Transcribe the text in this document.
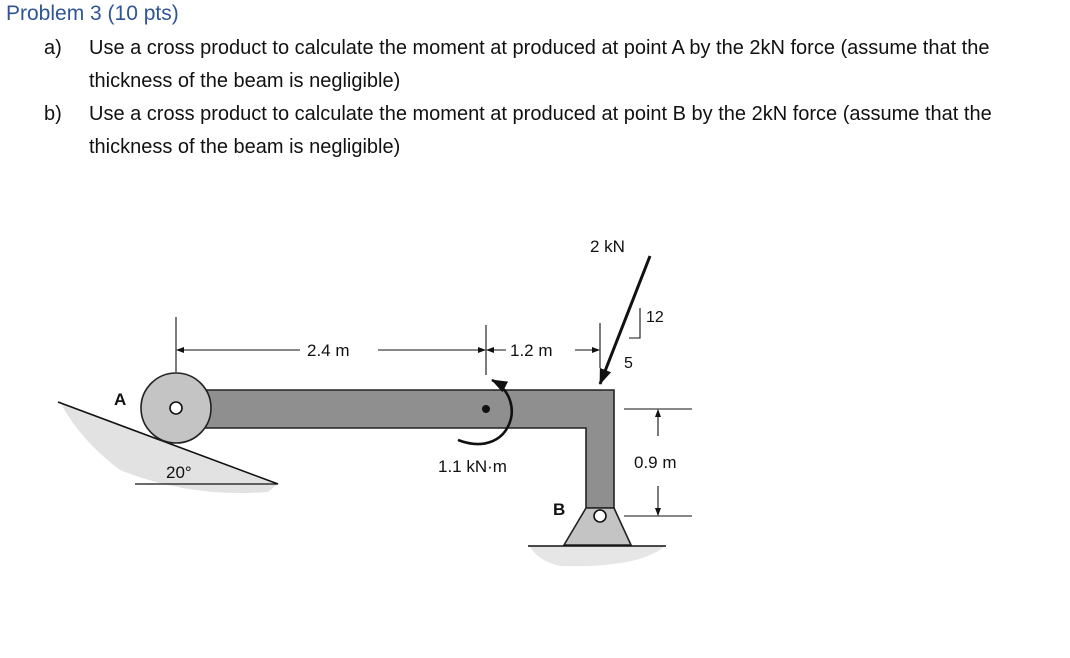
Problem 3 (10 pts)
a)	Use a cross product to calculate the moment at produced at point A by the 2kN force (assume that the thickness of the beam is negligible)
b)	Use a cross product to calculate the moment at produced at point B by the 2kN force (assume that the thickness of the beam is negligible)
20°
A
B
2.4 m	1.2 m
1.1 kN·m
2 kN
12
5
0.9 m
